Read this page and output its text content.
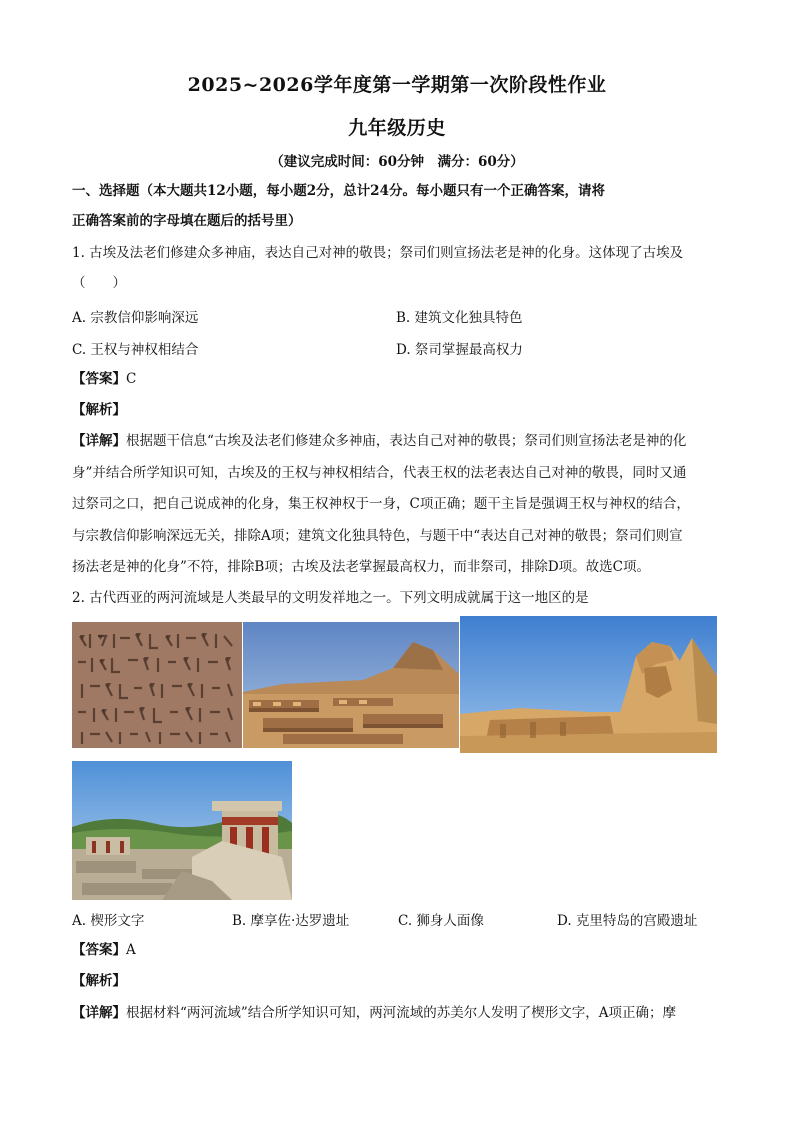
2025~2026学年度第一学期第一次阶段性作业
九年级历史
（建议完成时间：60分钟　满分：60分）
一、选择题（本大题共12小题，每小题2分，总计24分。每小题只有一个正确答案，请将
正确答案前的字母填在题后的括号里）
1. 古埃及法老们修建众多神庙，表达自己对神的敬畏；祭司们则宣扬法老是神的化身。这体现了古埃及
（　　）
A. 宗教信仰影响深远	B. 建筑文化独具特色
C. 王权与神权相结合	D. 祭司掌握最高权力
【答案】C
【解析】
【详解】根据题干信息“古埃及法老们修建众多神庙，表达自己对神的敬畏；祭司们则宣扬法老是神的化
身”并结合所学知识可知，古埃及的王权与神权相结合，代表王权的法老表达自己对神的敬畏，同时又通
过祭司之口，把自己说成神的化身，集王权神权于一身，C项正确；题干主旨是强调王权与神权的结合，
与宗教信仰影响深远无关，排除A项；建筑文化独具特色，与题干中“表达自己对神的敬畏；祭司们则宣
扬法老是神的化身”不符，排除B项；古埃及法老掌握最高权力，而非祭司，排除D项。故选C项。
2. 古代西亚的两河流域是人类最早的文明发祥地之一。下列文明成就属于这一地区的是
A. 楔形文字	B. 摩享佐·达罗遗址	C. 狮身人面像	D. 克里特岛的宫殿遗址
【答案】A
【解析】
【详解】根据材料“两河流域”结合所学知识可知，两河流域的苏美尔人发明了楔形文字，A项正确；摩
